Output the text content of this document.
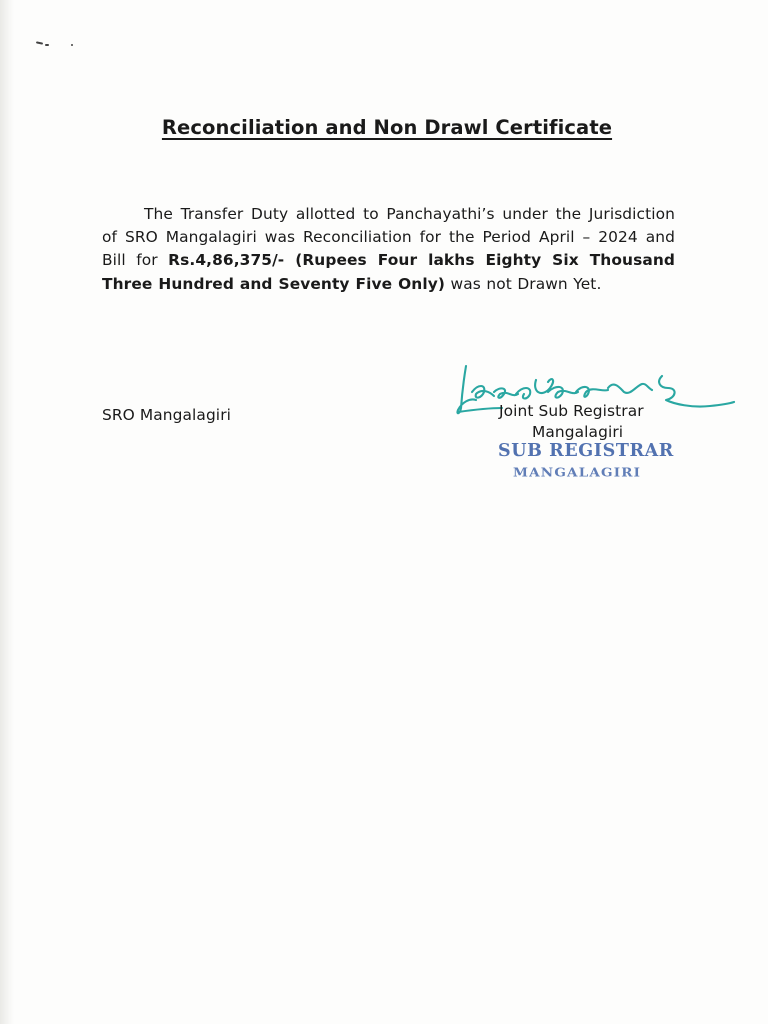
Reconciliation and Non Drawl Certificate
The Transfer Duty allotted to Panchayathi’s under the Jurisdiction of SRO Mangalagiri was Reconciliation for the Period April – 2024 and Bill for Rs.4,86,375/- (Rupees Four lakhs Eighty Six Thousand Three Hundred and Seventy Five Only) was not Drawn Yet.
SRO Mangalagiri	Joint Sub Registrar
Mangalagiri
SUB REGISTRAR
MANGALAGIRI
